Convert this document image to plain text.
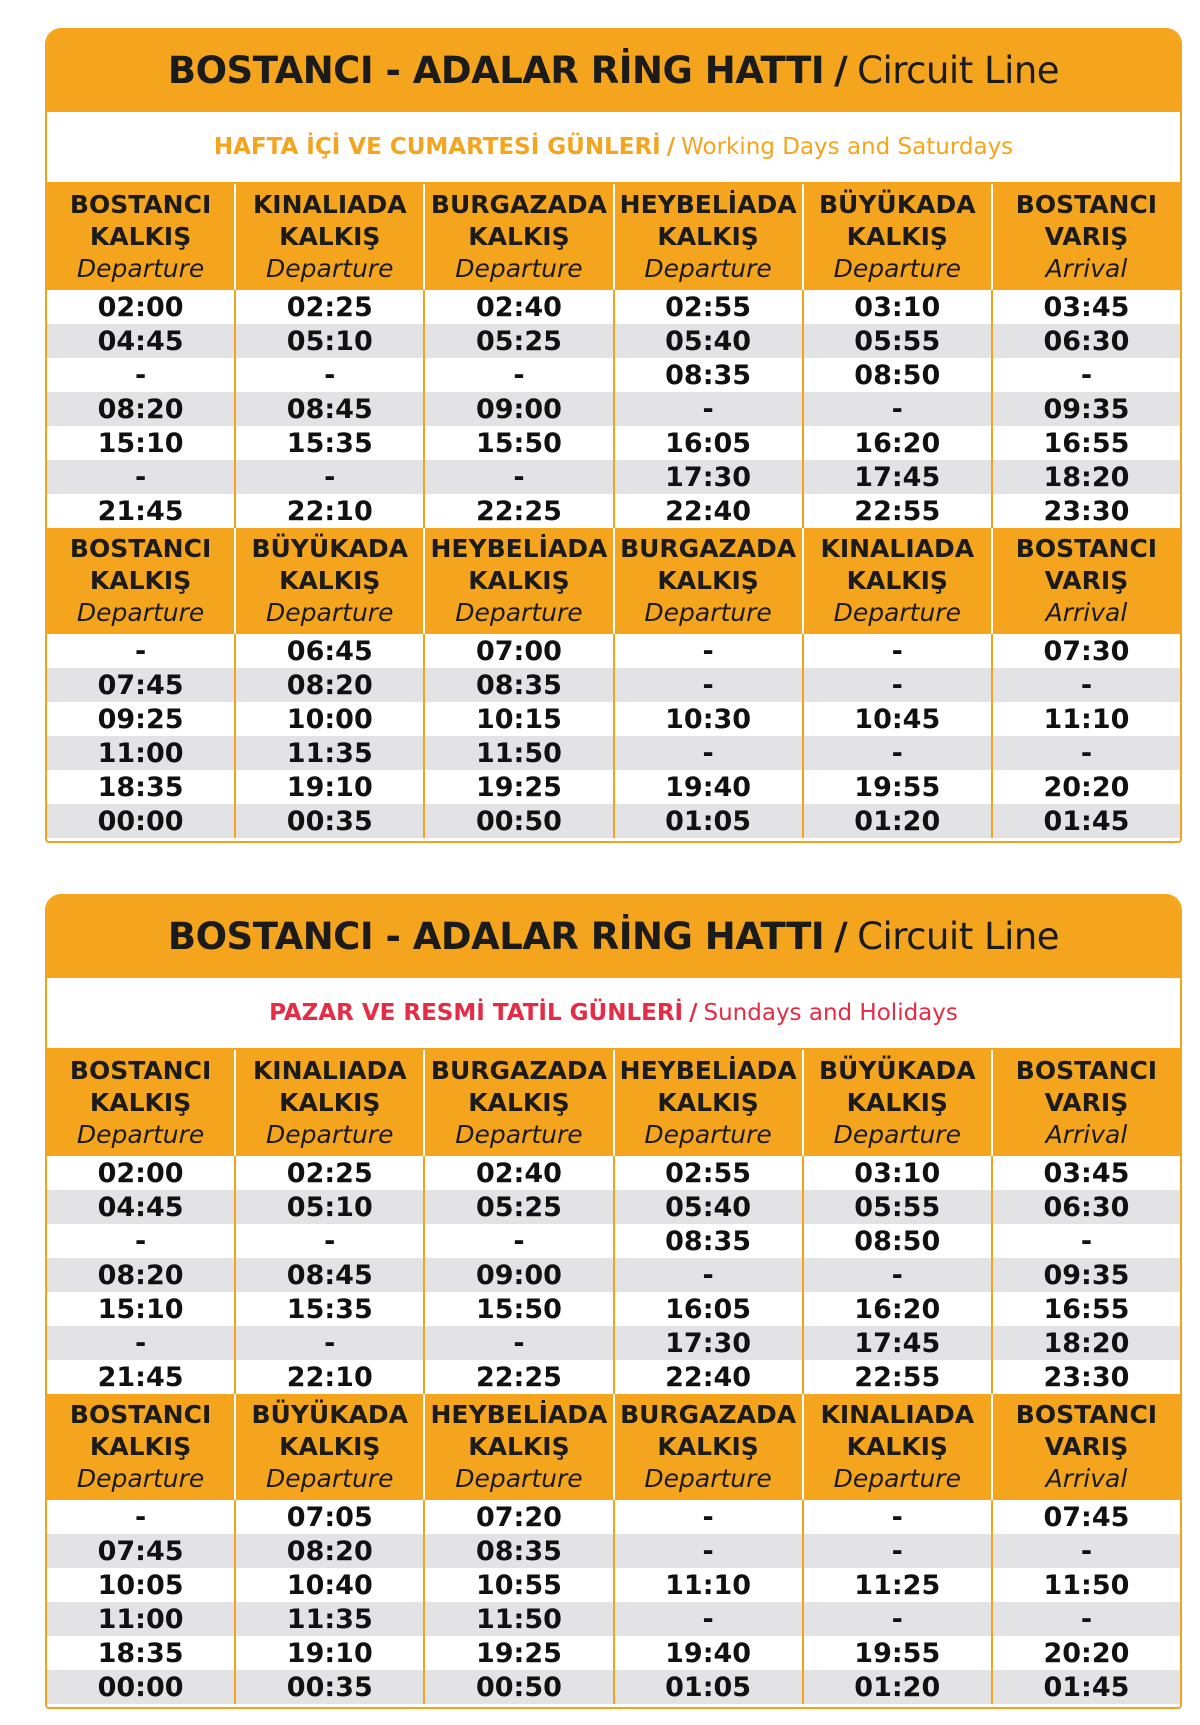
BOSTANCI - ADALAR RİNG HATTI / Circuit Line
HAFTA İÇİ VE CUMARTESİ GÜNLERİ / Working Days and Saturdays
BOSTANCI
KALKIŞ
Departure
KINALIADA
KALKIŞ
Departure
BURGAZADA
KALKIŞ
Departure
HEYBELİADA
KALKIŞ
Departure
BÜYÜKADA
KALKIŞ
Departure
BOSTANCI
VARIŞ
Arrival
02:00	02:25	02:40	02:55	03:10	03:45
04:45	05:10	05:25	05:40	05:55	06:30
-	-	-	08:35	08:50	-
08:20	08:45	09:00	-	-	09:35
15:10	15:35	15:50	16:05	16:20	16:55
-	-	-	17:30	17:45	18:20
21:45	22:10	22:25	22:40	22:55	23:30
BOSTANCI
KALKIŞ
Departure
BÜYÜKADA
KALKIŞ
Departure
HEYBELİADA
KALKIŞ
Departure
BURGAZADA
KALKIŞ
Departure
KINALIADA
KALKIŞ
Departure
BOSTANCI
VARIŞ
Arrival
-	06:45	07:00	-	-	07:30
07:45	08:20	08:35	-	-	-
09:25	10:00	10:15	10:30	10:45	11:10
11:00	11:35	11:50	-	-	-
18:35	19:10	19:25	19:40	19:55	20:20
00:00	00:35	00:50	01:05	01:20	01:45
BOSTANCI - ADALAR RİNG HATTI / Circuit Line
PAZAR VE RESMİ TATİL GÜNLERİ / Sundays and Holidays
BOSTANCI
KALKIŞ
Departure
KINALIADA
KALKIŞ
Departure
BURGAZADA
KALKIŞ
Departure
HEYBELİADA
KALKIŞ
Departure
BÜYÜKADA
KALKIŞ
Departure
BOSTANCI
VARIŞ
Arrival
02:00	02:25	02:40	02:55	03:10	03:45
04:45	05:10	05:25	05:40	05:55	06:30
-	-	-	08:35	08:50	-
08:20	08:45	09:00	-	-	09:35
15:10	15:35	15:50	16:05	16:20	16:55
-	-	-	17:30	17:45	18:20
21:45	22:10	22:25	22:40	22:55	23:30
BOSTANCI
KALKIŞ
Departure
BÜYÜKADA
KALKIŞ
Departure
HEYBELİADA
KALKIŞ
Departure
BURGAZADA
KALKIŞ
Departure
KINALIADA
KALKIŞ
Departure
BOSTANCI
VARIŞ
Arrival
-	07:05	07:20	-	-	07:45
07:45	08:20	08:35	-	-	-
10:05	10:40	10:55	11:10	11:25	11:50
11:00	11:35	11:50	-	-	-
18:35	19:10	19:25	19:40	19:55	20:20
00:00	00:35	00:50	01:05	01:20	01:45
